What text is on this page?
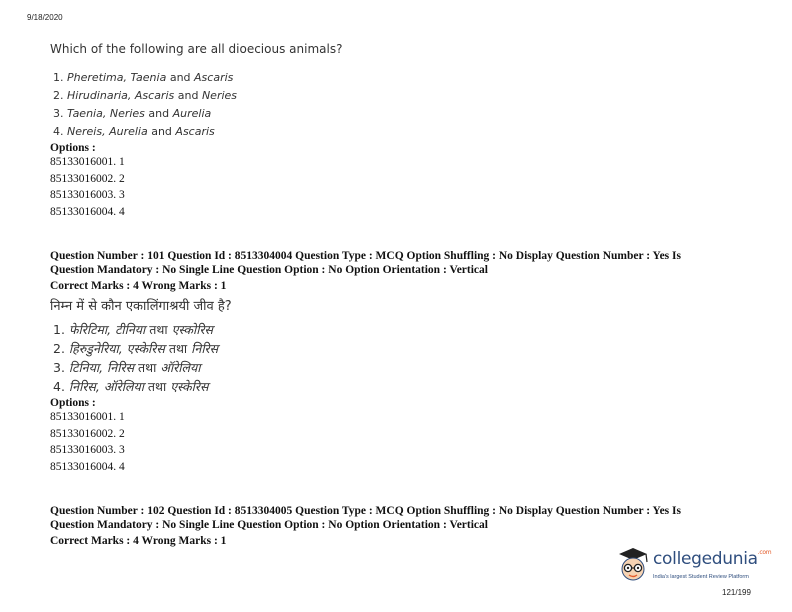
9/18/2020

Which of the following are all dioecious animals?

1. Pheretima, Taenia and Ascaris
2. Hirudinaria, Ascaris and Neries
3. Taenia, Neries and Aurelia
4. Nereis, Aurelia and Ascaris
Options :
85133016001. 1
85133016002. 2
85133016003. 3
85133016004. 4
Question Number : 101 Question Id : 8513304004 Question Type : MCQ Option Shuffling : No Display Question Number : Yes Is
Question Mandatory : No Single Line Question Option : No Option Orientation : Vertical
Correct Marks : 4 Wrong Marks : 1

निम्न में से कौन एकालिंगाश्रयी जीव है?

1. फेरिटिमा, टीनिया तथा एस्कोरिस
2. हिरुडुनेरिया, एस्केरिस तथा निरिस
3. टिनिया, निरिस तथा ऑरेलिया
4. निरिस, ऑरेलिया तथा एस्केरिस
Options :
85133016001. 1
85133016002. 2
85133016003. 3
85133016004. 4
Question Number : 102 Question Id : 8513304005 Question Type : MCQ Option Shuffling : No Display Question Number : Yes Is
Question Mandatory : No Single Line Question Option : No Option Orientation : Vertical
Correct Marks : 4 Wrong Marks : 1
collegedunia$^{.com}$
India's largest Student Review Platform
121/199
